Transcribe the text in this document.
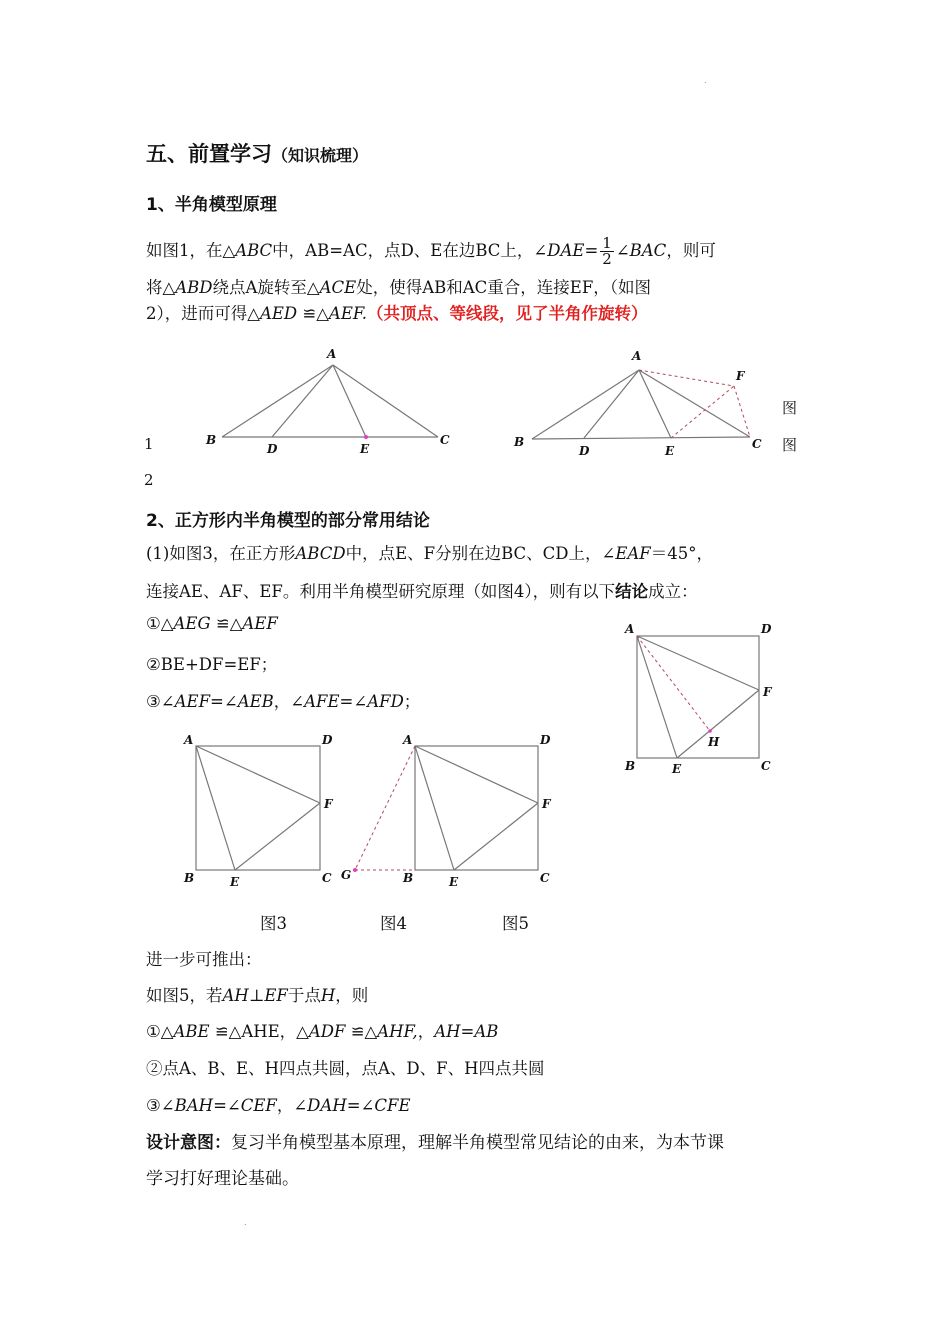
.
.
五、前置学习（知识梳理）
1、半角模型原理
如图1，在△ABC中，AB=AC，点D、E在边BC上，∠DAE= $\frac{1}{2}$ ∠BAC，则可
将△ABD绕点A旋转至△ACE处，使得AB和AC重合，连接EF，（如图
2），进而可得△AED ≌△AEF.（共顶点、等线段，见了半角作旋转）
A
B	C
D	E
A
B	C
D	E
F
图
图
1
2
2、正方形内半角模型的部分常用结论
(1)如图3，在正方形ABCD中，点E、F分别在边BC、CD上，∠EAF＝45°，
连接AE、AF、EF。利用半角模型研究原理（如图4），则有以下结论成立：
①△AEG ≌△AEF
②BE+DF=EF；
③∠AEF=∠AEB，∠AFE=∠AFD；
A	D
B	C
E
F
H
A	D
B	C
E
F
A	D
B	C
E
F
G
图3	图4	图5
进一步可推出：
如图5，若AH⊥EF于点H，则
①△ABE ≌△AHE，△ADF ≌△AHF,，AH=AB
②点A、B、E、H四点共圆，点A、D、F、H四点共圆
③∠BAH=∠CEF，∠DAH=∠CFE
设计意图：复习半角模型基本原理，理解半角模型常见结论的由来，为本节课
学习打好理论基础。
